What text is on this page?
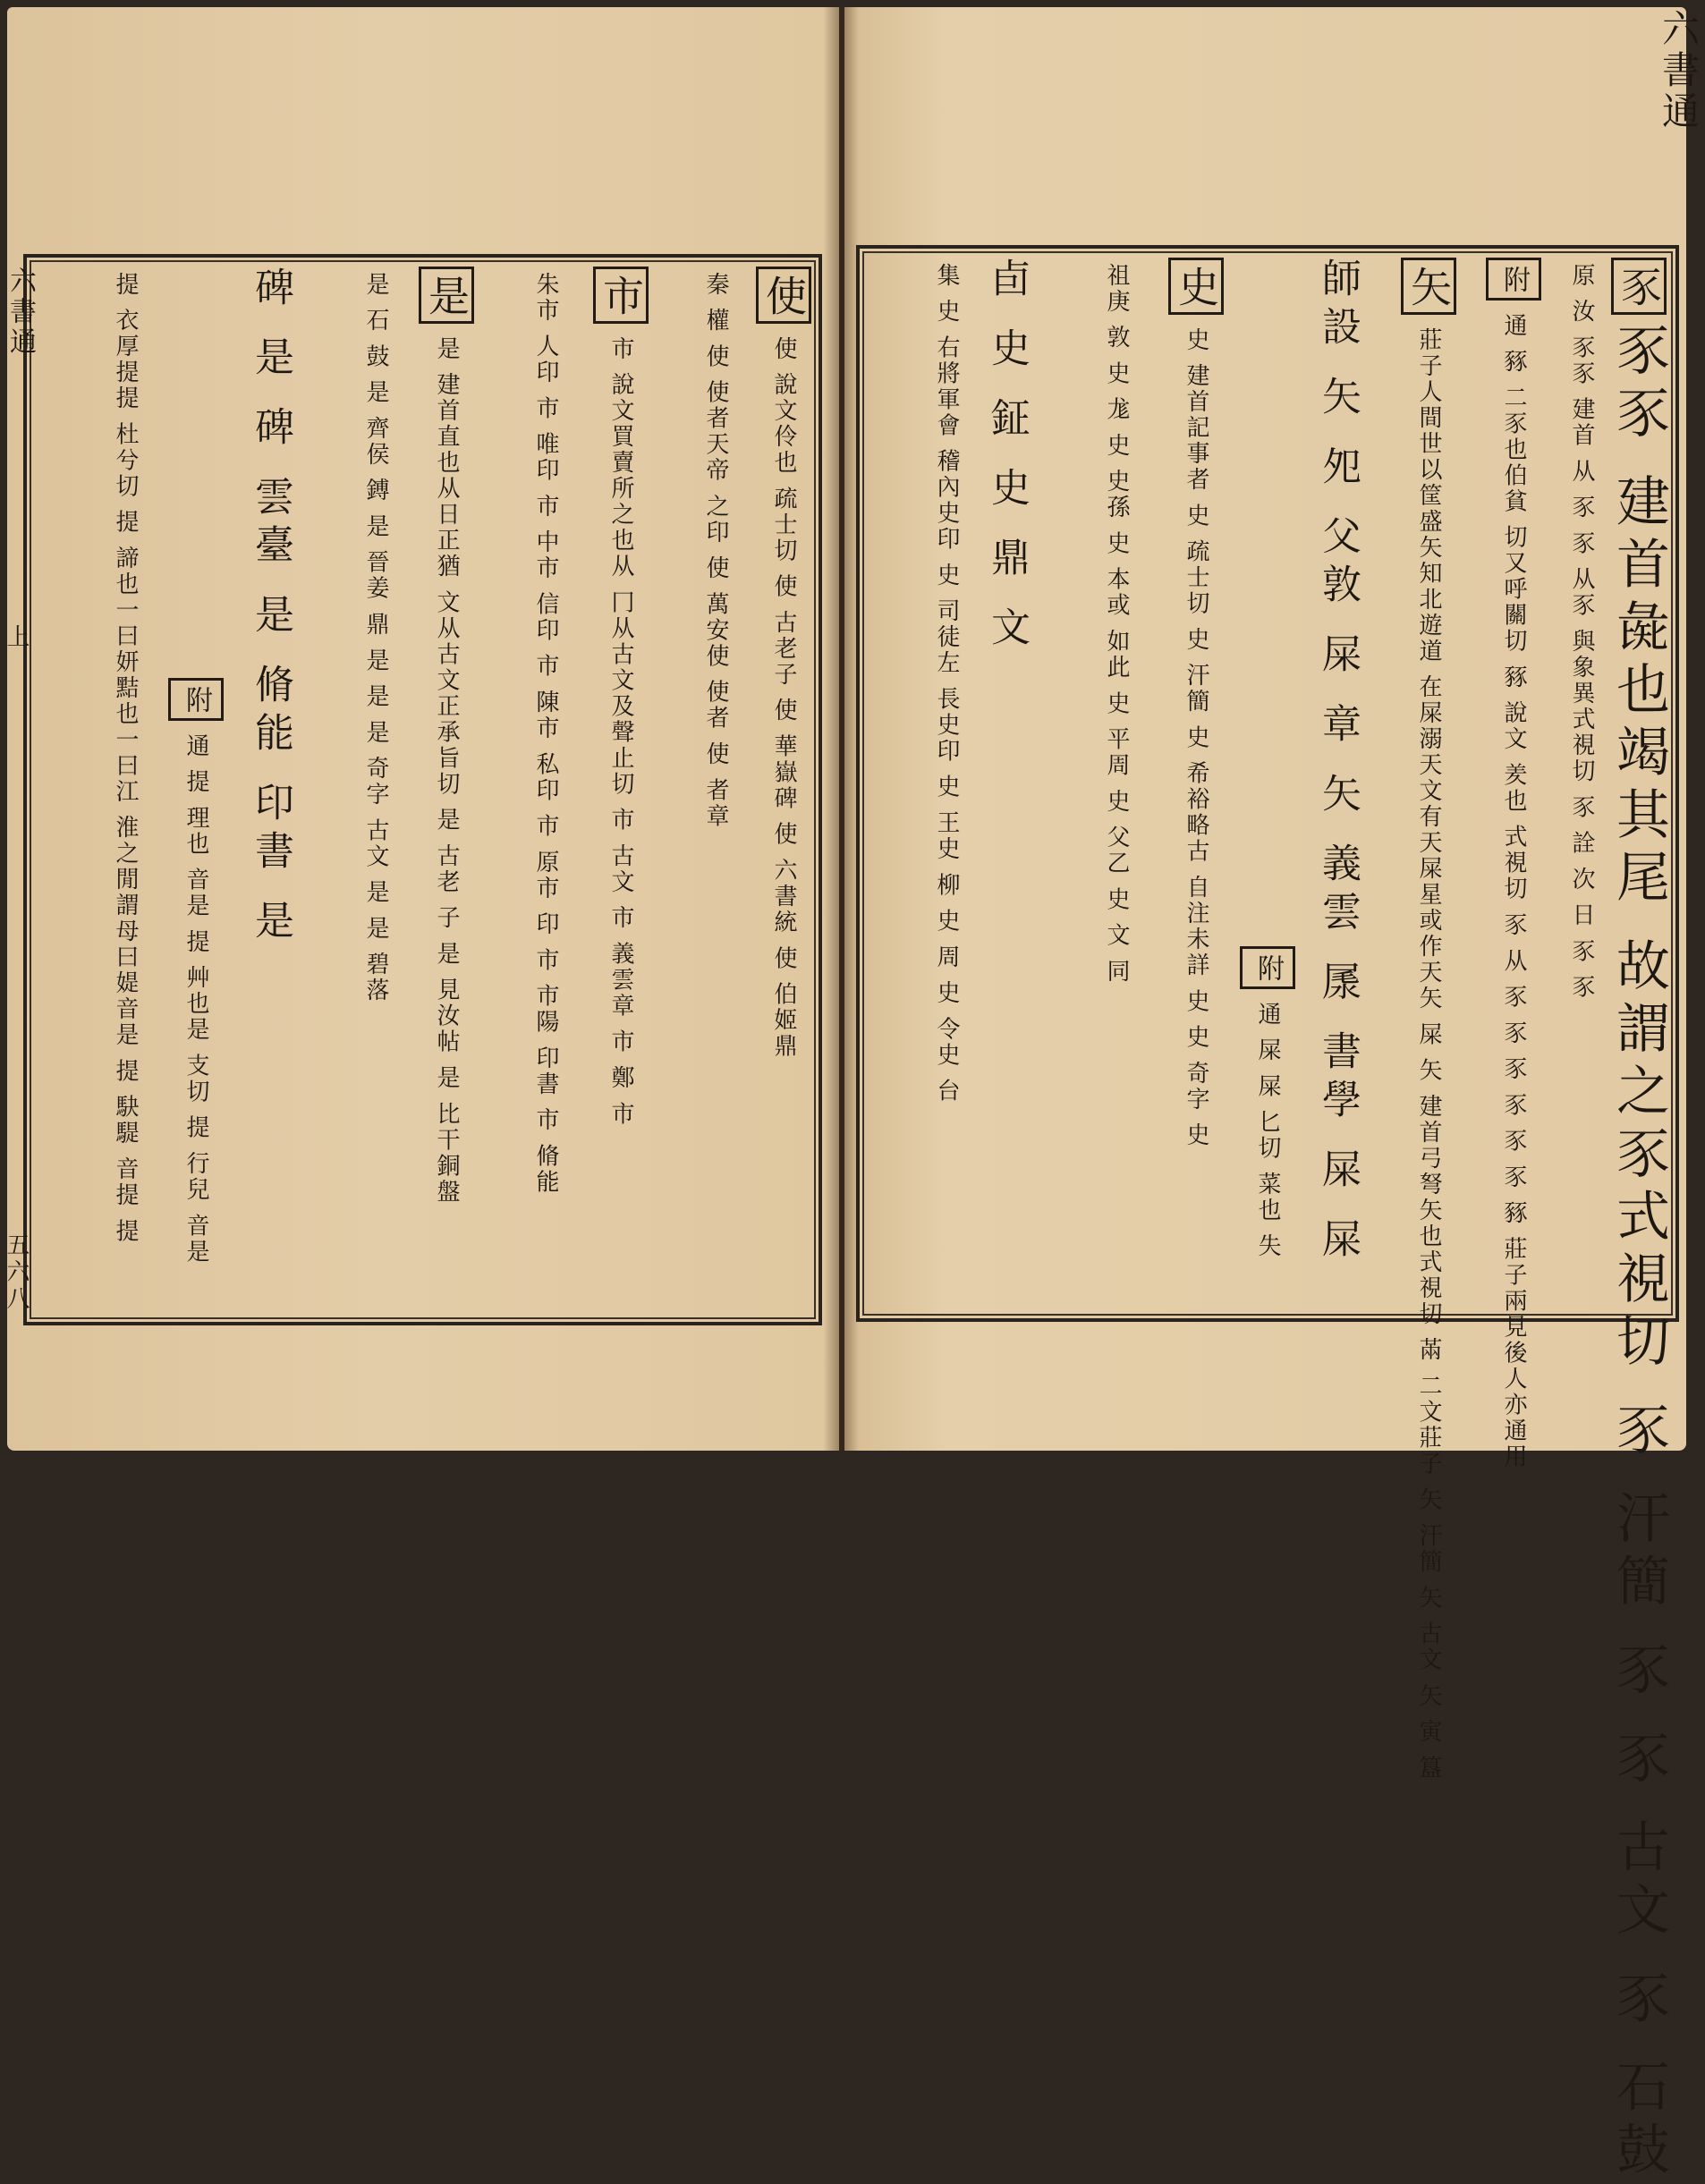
六書通
豕
豕豕 建首彘也竭其尾 故謂之豕式視切 豕 汗簡 豕 豕 古文 豕 石鼓
原 汝 豕豕 建首 从 豕 豕 从豕 與象異式視切 豕 詮 次 日 豕 豕
附
通 豩 二豕也伯貧 切又呼關切 豩 說文 羑也 式視切 豕 从 豕 豕 豕 豕 豕 豕 豩 莊子兩見後人亦通用
矢
莊子人間世以筐盛矢知北遊道 在屎溺天文有天屎星或作天矢 屎 矢 建首弓弩矢也式視切 㒼 二文莊子 矢 汗簡 矢 古文 矢 寅 簋
師設 矢 夗 父敦 屎 章 矢 義雲 㞙 書學 屎 屎
附
通 屎 屎 匕切 菜也 失
史
史 建首記事者 史 疏士切 史 汗簡 史 希裕略古 自注未詳 史 史 奇字 史
祖庚 敦 史 尨 史 史孫 史 本或 如此 史 平周 史 父乙 史 文 同
卣 史 鉦 史 鼎 文
集 史 右將軍會 稽內史印 史 司徒左 長史印 史 王史 柳 史 周 史 令史 台
使
使 說文伶也 疏士切 使 古老子 使 華嶽碑 使 六書統 使 伯姬鼎
秦 權 使 使者天帝 之印 使 萬安使 使者 使 者章
市
市 說文買賣所之也从 冂从古文及聲止切 市 古文 市 義雲章 市 鄭 市
朱市 人印 市 唯印 市 中市 信印 市 陳市 私印 市 原市 印 市 市陽 印書 市 脩能
是
是 建首直也从日正猶 文从古文正承旨切 是 古老 子 是 見汝帖 是 比干銅盤
是 石 鼓 是 齊侯 鎛 是 晉姜 鼎 是 是 是 奇字 古文 是 是 碧落
碑 是 碑 雲臺 是 脩能 印書 是
附
通 提 理也 音是 提 艸也是 支切 提 行兒 音是
提 衣厚提提 杜兮切 提 諦也一曰妍黠也一曰江 淮之閒謂母曰媞音是 提 駃騠 音提 提
六書通
上
五六八
